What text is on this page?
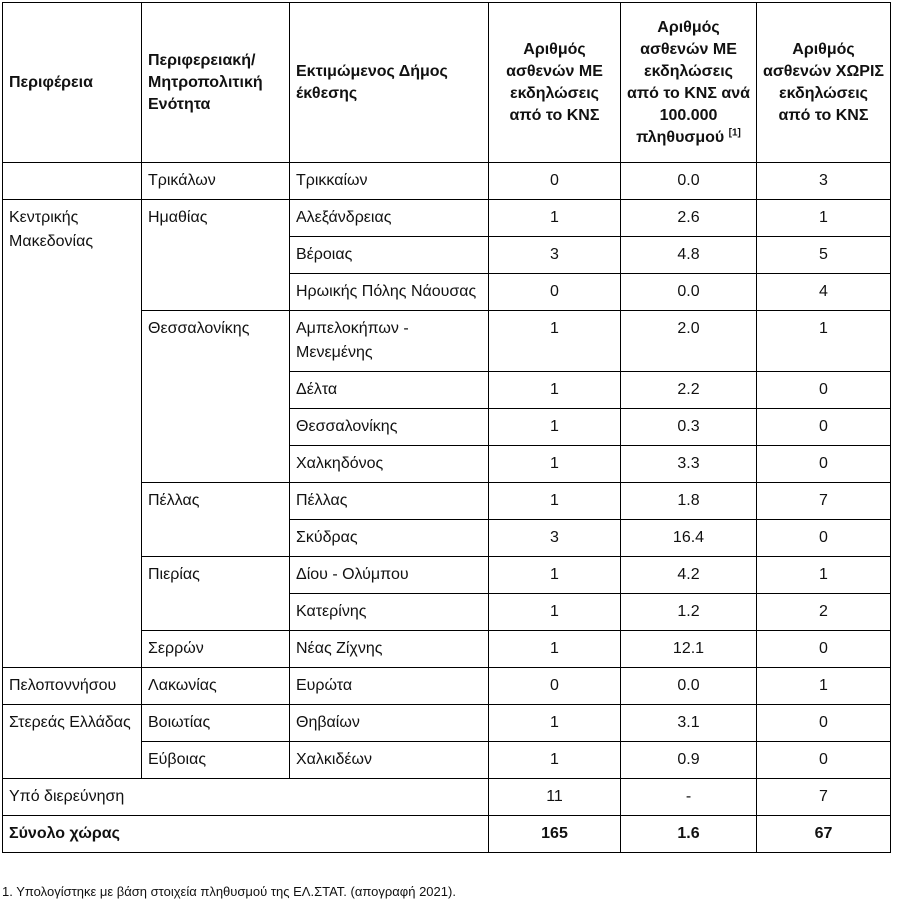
Περιφέρεια	Περιφερειακή/ Μητροπολιτική Ενότητα	Εκτιμώμενος Δήμος έκθεσης	Αριθμός ασθενών ΜΕ εκδηλώσεις από το ΚΝΣ	Αριθμός ασθενών ΜΕ εκδηλώσεις από το ΚΝΣ ανά 100.000 πληθυσμού [1]	Αριθμός ασθενών ΧΩΡΙΣ εκδηλώσεις από το ΚΝΣ
	Τρικάλων	Τρικκαίων	0	0.0	3
Κεντρικής Μακεδονίας	Ημαθίας	Αλεξάνδρειας	1	2.6	1
		Βέροιας	3	4.8	5
		Ηρωικής Πόλης Νάουσας	0	0.0	4
	Θεσσαλονίκης	Αμπελοκήπων - Μενεμένης	1	2.0	1
		Δέλτα	1	2.2	0
		Θεσσαλονίκης	1	0.3	0
		Χαλκηδόνος	1	3.3	0
	Πέλλας	Πέλλας	1	1.8	7
		Σκύδρας	3	16.4	0
	Πιερίας	Δίου - Ολύμπου	1	4.2	1
		Κατερίνης	1	1.2	2
	Σερρών	Νέας Ζίχνης	1	12.1	0
Πελοποννήσου	Λακωνίας	Ευρώτα	0	0.0	1
Στερεάς Ελλάδας	Βοιωτίας	Θηβαίων	1	3.1	0
	Εύβοιας	Χαλκιδέων	1	0.9	0
Υπό διερεύνηση			11	-	7
Σύνολο χώρας			165	1.6	67
1. Υπολογίστηκε με βάση στοιχεία πληθυσμού της ΕΛ.ΣΤΑΤ. (απογραφή 2021).
